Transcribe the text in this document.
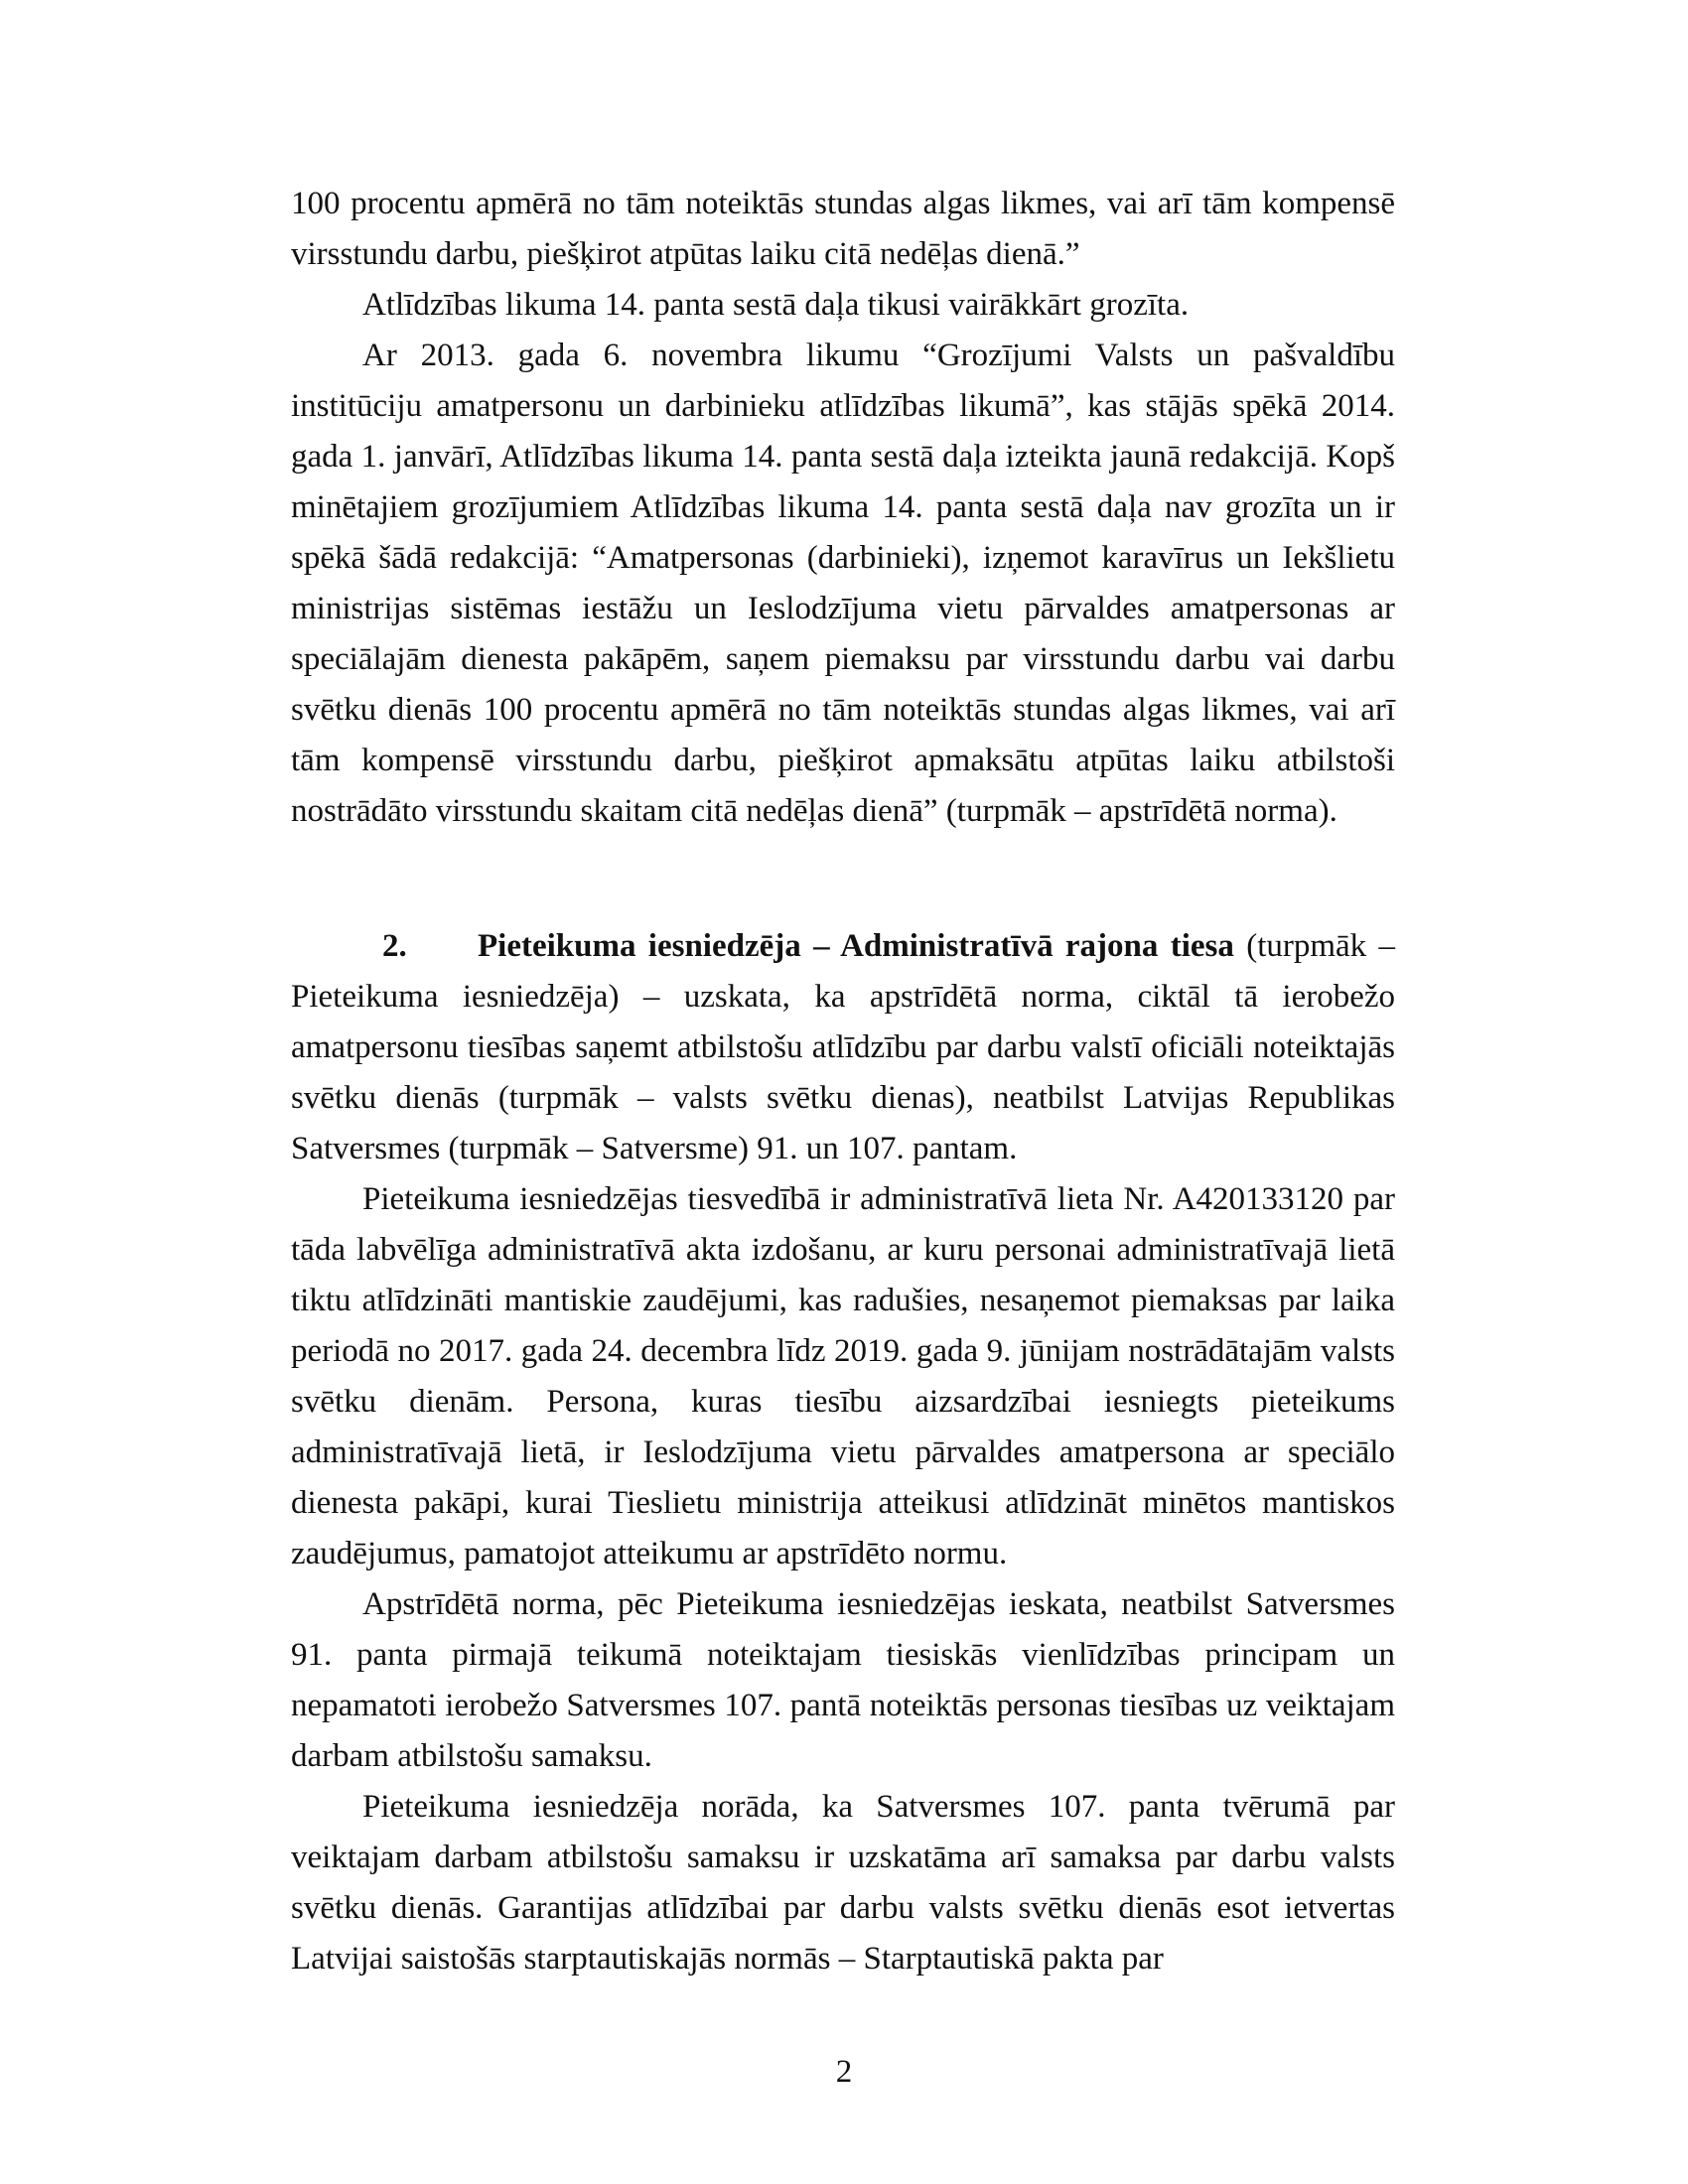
100 procentu apmērā no tām noteiktās stundas algas likmes, vai arī tām kompensē virsstundu darbu, piešķirot atpūtas laiku citā nedēļas dienā.”

Atlīdzības likuma 14. panta sestā daļa tikusi vairākkārt grozīta.

Ar 2013. gada 6. novembra likumu “Grozījumi Valsts un pašvaldību institūciju amatpersonu un darbinieku atlīdzības likumā”, kas stājās spēkā 2014. gada 1. janvārī, Atlīdzības likuma 14. panta sestā daļa izteikta jaunā redakcijā. Kopš minētajiem grozījumiem Atlīdzības likuma 14. panta sestā daļa nav grozīta un ir spēkā šādā redakcijā: “Amatpersonas (darbinieki), izņemot karavīrus un Iekšlietu ministrijas sistēmas iestāžu un Ieslodzījuma vietu pārvaldes amatpersonas ar speciālajām dienesta pakāpēm, saņem piemaksu par virsstundu darbu vai darbu svētku dienās 100 procentu apmērā no tām noteiktās stundas algas likmes, vai arī tām kompensē virsstundu darbu, piešķirot apmaksātu atpūtas laiku atbilstoši nostrādāto virsstundu skaitam citā nedēļas dienā” (turpmāk – apstrīdētā norma).

2. Pieteikuma iesniedzēja – Administratīvā rajona tiesa (turpmāk – Pieteikuma iesniedzēja) – uzskata, ka apstrīdētā norma, ciktāl tā ierobežo amatpersonu tiesības saņemt atbilstošu atlīdzību par darbu valstī oficiāli noteiktajās svētku dienās (turpmāk – valsts svētku dienas), neatbilst Latvijas Republikas Satversmes (turpmāk – Satversme) 91. un 107. pantam.

Pieteikuma iesniedzējas tiesvedībā ir administratīvā lieta Nr. A420133120 par tāda labvēlīga administratīvā akta izdošanu, ar kuru personai administratīvajā lietā tiktu atlīdzināti mantiskie zaudējumi, kas radušies, nesaņemot piemaksas par laika periodā no 2017. gada 24. decembra līdz 2019. gada 9. jūnijam nostrādātajām valsts svētku dienām. Persona, kuras tiesību aizsardzībai iesniegts pieteikums administratīvajā lietā, ir Ieslodzījuma vietu pārvaldes amatpersona ar speciālo dienesta pakāpi, kurai Tieslietu ministrija atteikusi atlīdzināt minētos mantiskos zaudējumus, pamatojot atteikumu ar apstrīdēto normu.

Apstrīdētā norma, pēc Pieteikuma iesniedzējas ieskata, neatbilst Satversmes 91. panta pirmajā teikumā noteiktajam tiesiskās vienlīdzības principam un nepamatoti ierobežo Satversmes 107. pantā noteiktās personas tiesības uz veiktajam darbam atbilstošu samaksu.

Pieteikuma iesniedzēja norāda, ka Satversmes 107. panta tvērumā par veiktajam darbam atbilstošu samaksu ir uzskatāma arī samaksa par darbu valsts svētku dienās. Garantijas atlīdzībai par darbu valsts svētku dienās esot ietvertas Latvijai saistošās starptautiskajās normās – Starptautiskā pakta par

2
